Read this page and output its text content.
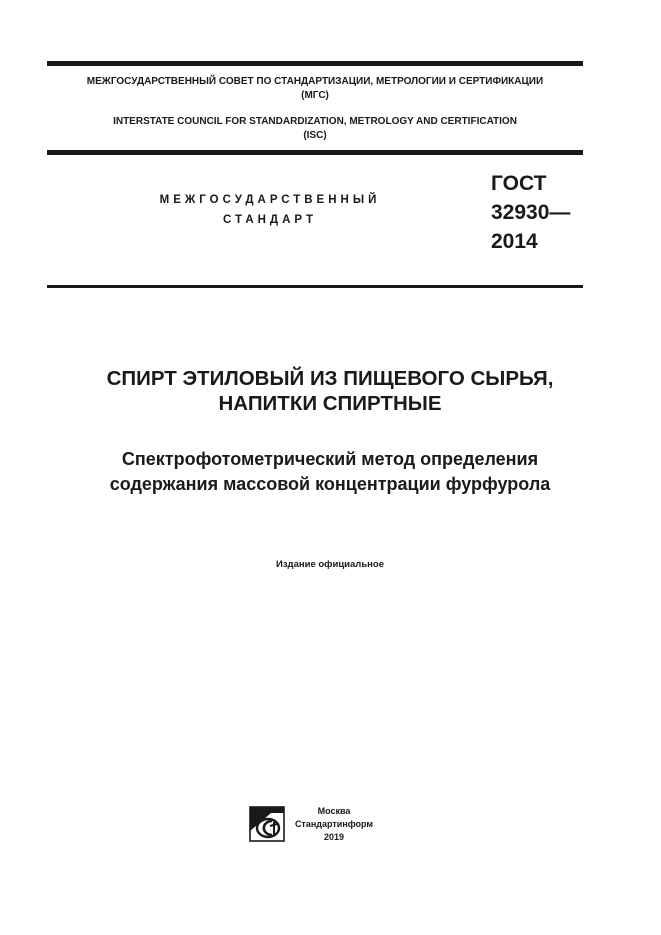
МЕЖГОСУДАРСТВЕННЫЙ СОВЕТ ПО СТАНДАРТИЗАЦИИ, МЕТРОЛОГИИ И СЕРТИФИКАЦИИ
(МГС)
INTERSTATE COUNCIL FOR STANDARDIZATION, METROLOGY AND CERTIFICATION
(ISC)
МЕЖГОСУДАРСТВЕННЫЙ
СТАНДАРТ
ГОСТ
32930—
2014
СПИРТ ЭТИЛОВЫЙ ИЗ ПИЩЕВОГО СЫРЬЯ,
НАПИТКИ СПИРТНЫЕ
Спектрофотометрический метод определения
содержания массовой концентрации фурфурола
Издание официальное
Москва
Стандартинформ
2019
